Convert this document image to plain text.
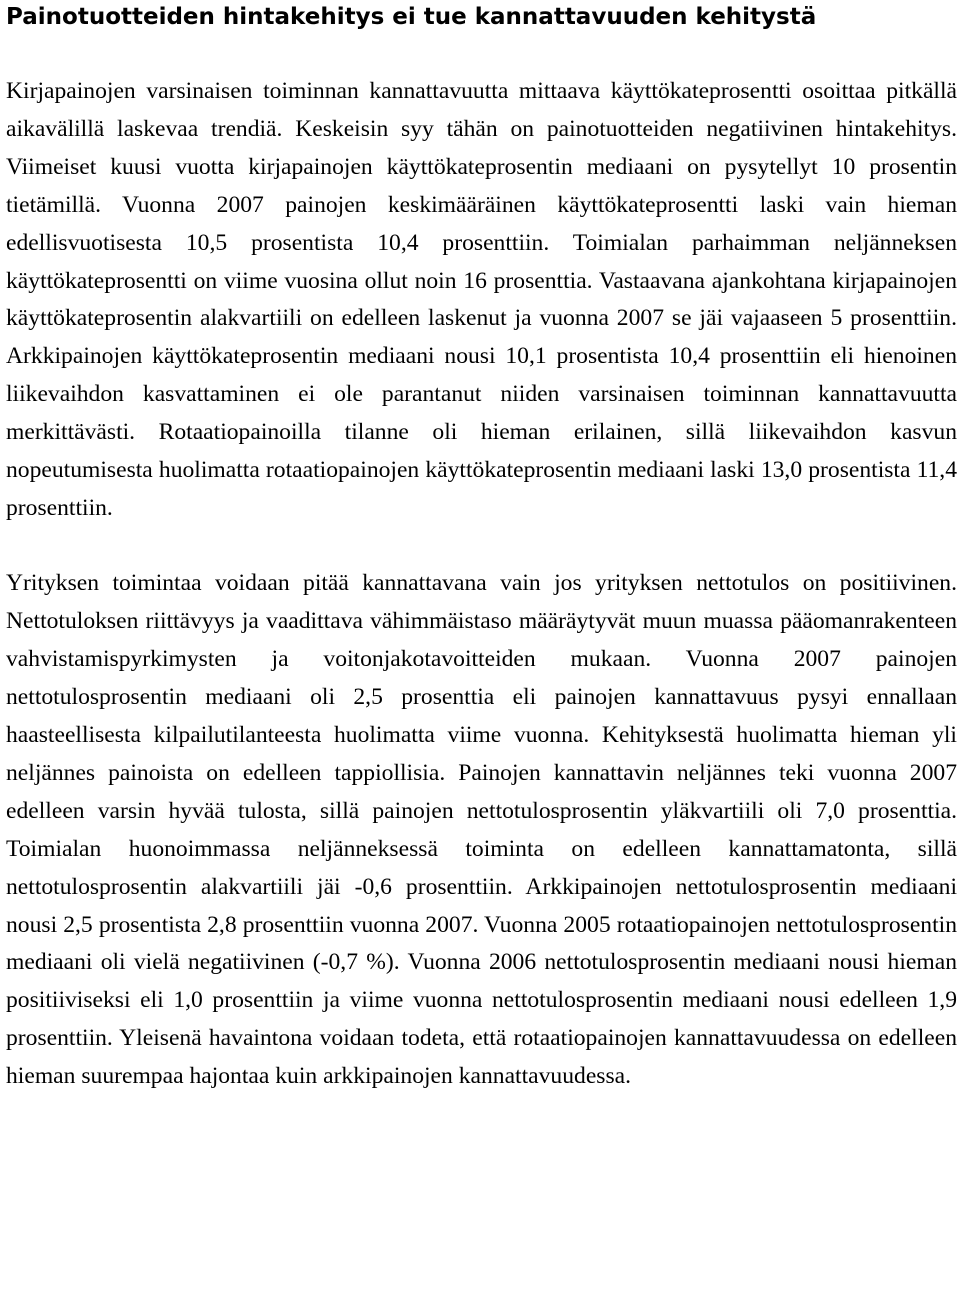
Painotuotteiden hintakehitys ei tue kannattavuuden kehitystä

Kirjapainojen varsinaisen toiminnan kannattavuutta mittaava käyttökateprosentti osoittaa pitkällä aikavälillä laskevaa trendiä. Keskeisin syy tähän on painotuotteiden negatiivinen hintakehitys. Viimeiset kuusi vuotta kirjapainojen käyttökateprosentin mediaani on pysytellyt 10 prosentin tietämillä. Vuonna 2007 painojen keskimääräinen käyttökateprosentti laski vain hieman edellisvuotisesta 10,5 prosentista 10,4 prosenttiin. Toimialan parhaimman neljänneksen käyttökateprosentti on viime vuosina ollut noin 16 prosenttia. Vastaavana ajankohtana kirjapainojen käyttökateprosentin alakvartiili on edelleen laskenut ja vuonna 2007 se jäi vajaaseen 5 prosenttiin. Arkkipainojen käyttökateprosentin mediaani nousi 10,1 prosentista 10,4 prosenttiin eli hienoinen liikevaihdon kasvattaminen ei ole parantanut niiden varsinaisen toiminnan kannattavuutta merkittävästi. Rotaatiopainoilla tilanne oli hieman erilainen, sillä liikevaihdon kasvun nopeutumisesta huolimatta rotaatiopainojen käyttökateprosentin mediaani laski 13,0 prosentista 11,4 prosenttiin.

Yrityksen toimintaa voidaan pitää kannattavana vain jos yrityksen nettotulos on positiivinen. Nettotuloksen riittävyys ja vaadittava vähimmäistaso määräytyvät muun muassa pääomanrakenteen vahvistamispyrkimysten ja voitonjakotavoitteiden mukaan. Vuonna 2007 painojen nettotulosprosentin mediaani oli 2,5 prosenttia eli painojen kannattavuus pysyi ennallaan haasteellisesta kilpailutilanteesta huolimatta viime vuonna. Kehityksestä huolimatta hieman yli neljännes painoista on edelleen tappiollisia. Painojen kannattavin neljännes teki vuonna 2007 edelleen varsin hyvää tulosta, sillä painojen nettotulosprosentin yläkvartiili oli 7,0 prosenttia. Toimialan huonoimmassa neljänneksessä toiminta on edelleen kannattamatonta, sillä nettotulosprosentin alakvartiili jäi -0,6 prosenttiin. Arkkipainojen nettotulosprosentin mediaani nousi 2,5 prosentista 2,8 prosenttiin vuonna 2007. Vuonna 2005 rotaatiopainojen nettotulosprosentin mediaani oli vielä negatiivinen (-0,7 %). Vuonna 2006 nettotulosprosentin mediaani nousi hieman positiiviseksi eli 1,0 prosenttiin ja viime vuonna nettotulosprosentin mediaani nousi edelleen 1,9 prosenttiin. Yleisenä havaintona voidaan todeta, että rotaatiopainojen kannattavuudessa on edelleen hieman suurempaa hajontaa kuin arkkipainojen kannattavuudessa.
